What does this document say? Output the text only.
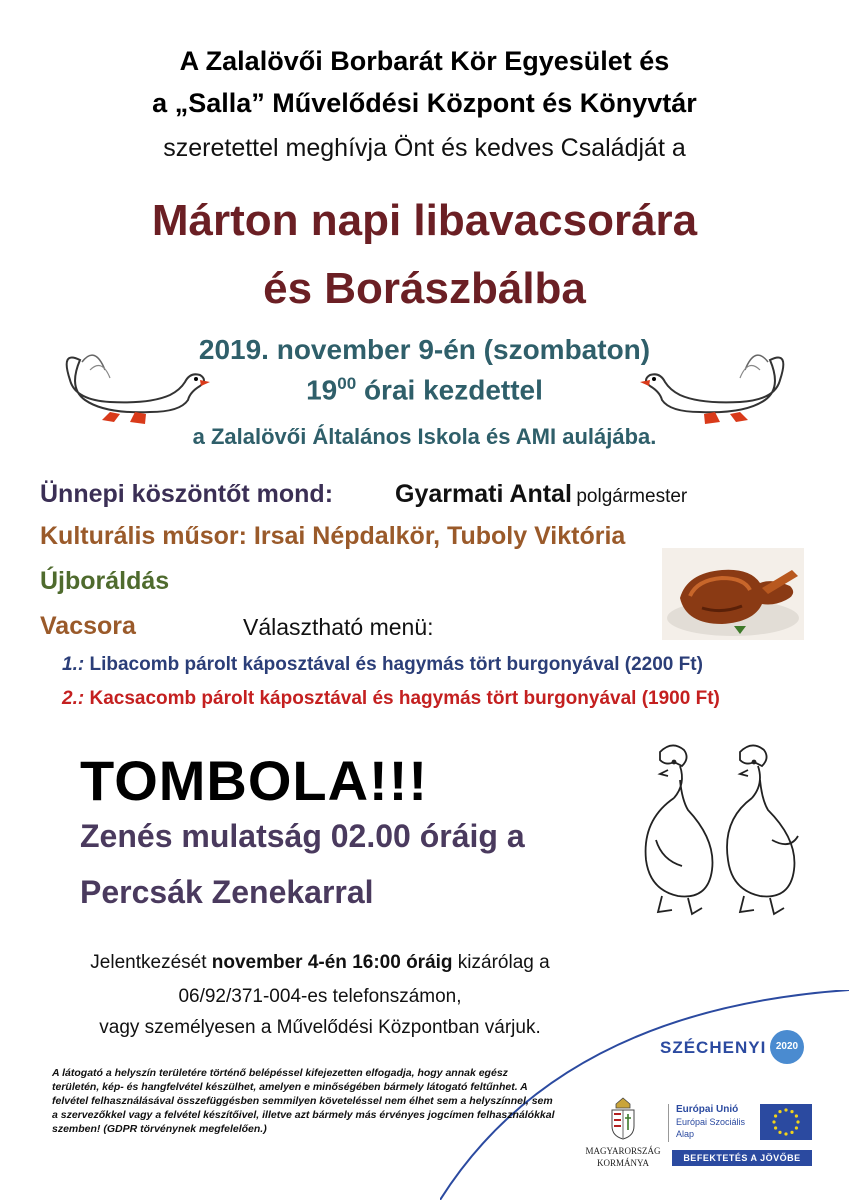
A Zalalövői Borbarát Kör Egyesület és
a „Salla” Művelődési Központ és Könyvtár
szeretettel meghívja Önt és kedves Családját a
Márton napi libavacsorára
és Borászbálba
2019. november 9-én (szombaton)
$19^{00}$ órai kezdettel
a Zalalövői Általános Iskola és AMI aulájába.
Ünnepi köszöntőt mond: Gyarmati Antal polgármester
Kulturális műsor: Irsai Népdalkör, Tuboly Viktória
Újboráldás
Vacsora	Választható menü:
1.: Libacomb párolt káposztával és hagymás tört burgonyával (2200 Ft)
2.: Kacsacomb párolt káposztával és hagymás tört burgonyával (1900 Ft)
TOMBOLA!!!
Zenés mulatság 02.00 óráig a
Percsák Zenekarral
Jelentkezését november 4-én 16:00 óráig kizárólag a
06/92/371-004-es telefonszámon,
vagy személyesen a Művelődési Központban várjuk.
A látogató a helyszín területére történő belépéssel kifejezetten elfogadja, hogy annak egész területén, kép- és hangfelvétel készülhet, amelyen e minőségében bármely látogató feltűnhet. A felvétel felhasználásával összefüggésben semmilyen követeléssel nem élhet sem a helyszínnel, sem a szervezőkkel vagy a felvétel készítőivel, illetve azt bármely más érvényes jogcímen felhasználókkal szemben! (GDPR törvénynek megfelelően.)
SZÉCHENYI 2020
MAGYARORSZÁG
KORMÁNYA
Európai Unió
Európai Szociális
Alap
BEFEKTETÉS A JÖVŐBE
